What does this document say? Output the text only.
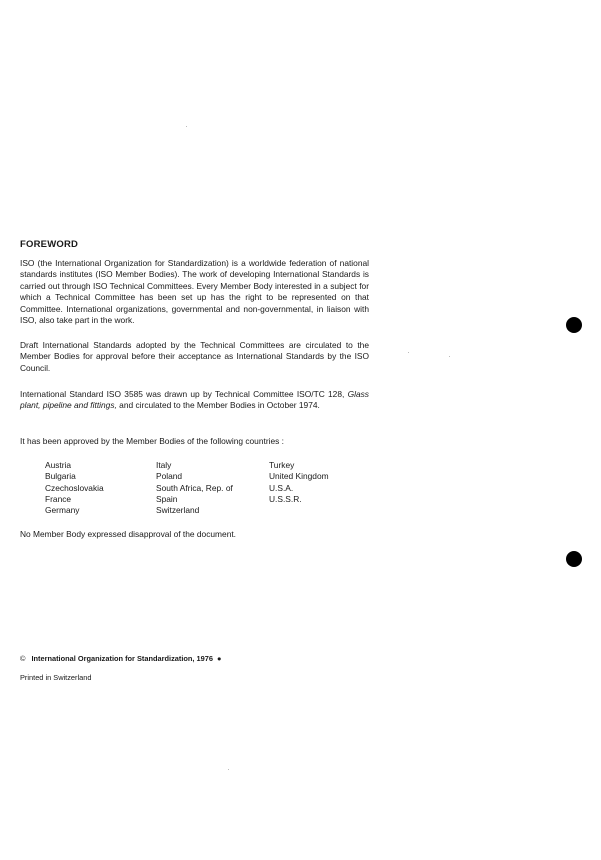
FOREWORD

ISO (the International Organization for Standardization) is a worldwide federation of national standards institutes (ISO Member Bodies). The work of developing International Standards is carried out through ISO Technical Committees. Every Member Body interested in a subject for which a Technical Committee has been set up has the right to be represented on that Committee. International organizations, governmental and non-governmental, in liaison with ISO, also take part in the work.

Draft International Standards adopted by the Technical Committees are circulated to the Member Bodies for approval before their acceptance as International Standards by the ISO Council.

International Standard ISO 3585 was drawn up by Technical Committee ISO/TC 128, Glass plant, pipeline and fittings, and circulated to the Member Bodies in October 1974.

It has been approved by the Member Bodies of the following countries :

Austria
Bulgaria
Czechoslovakia
France
Germany
Italy
Poland
South Africa, Rep. of
Spain
Switzerland
Turkey
United Kingdom
U.S.A.
U.S.S.R.

No Member Body expressed disapproval of the document.

© International Organization for Standardization, 1976 ●
Printed in Switzerland
